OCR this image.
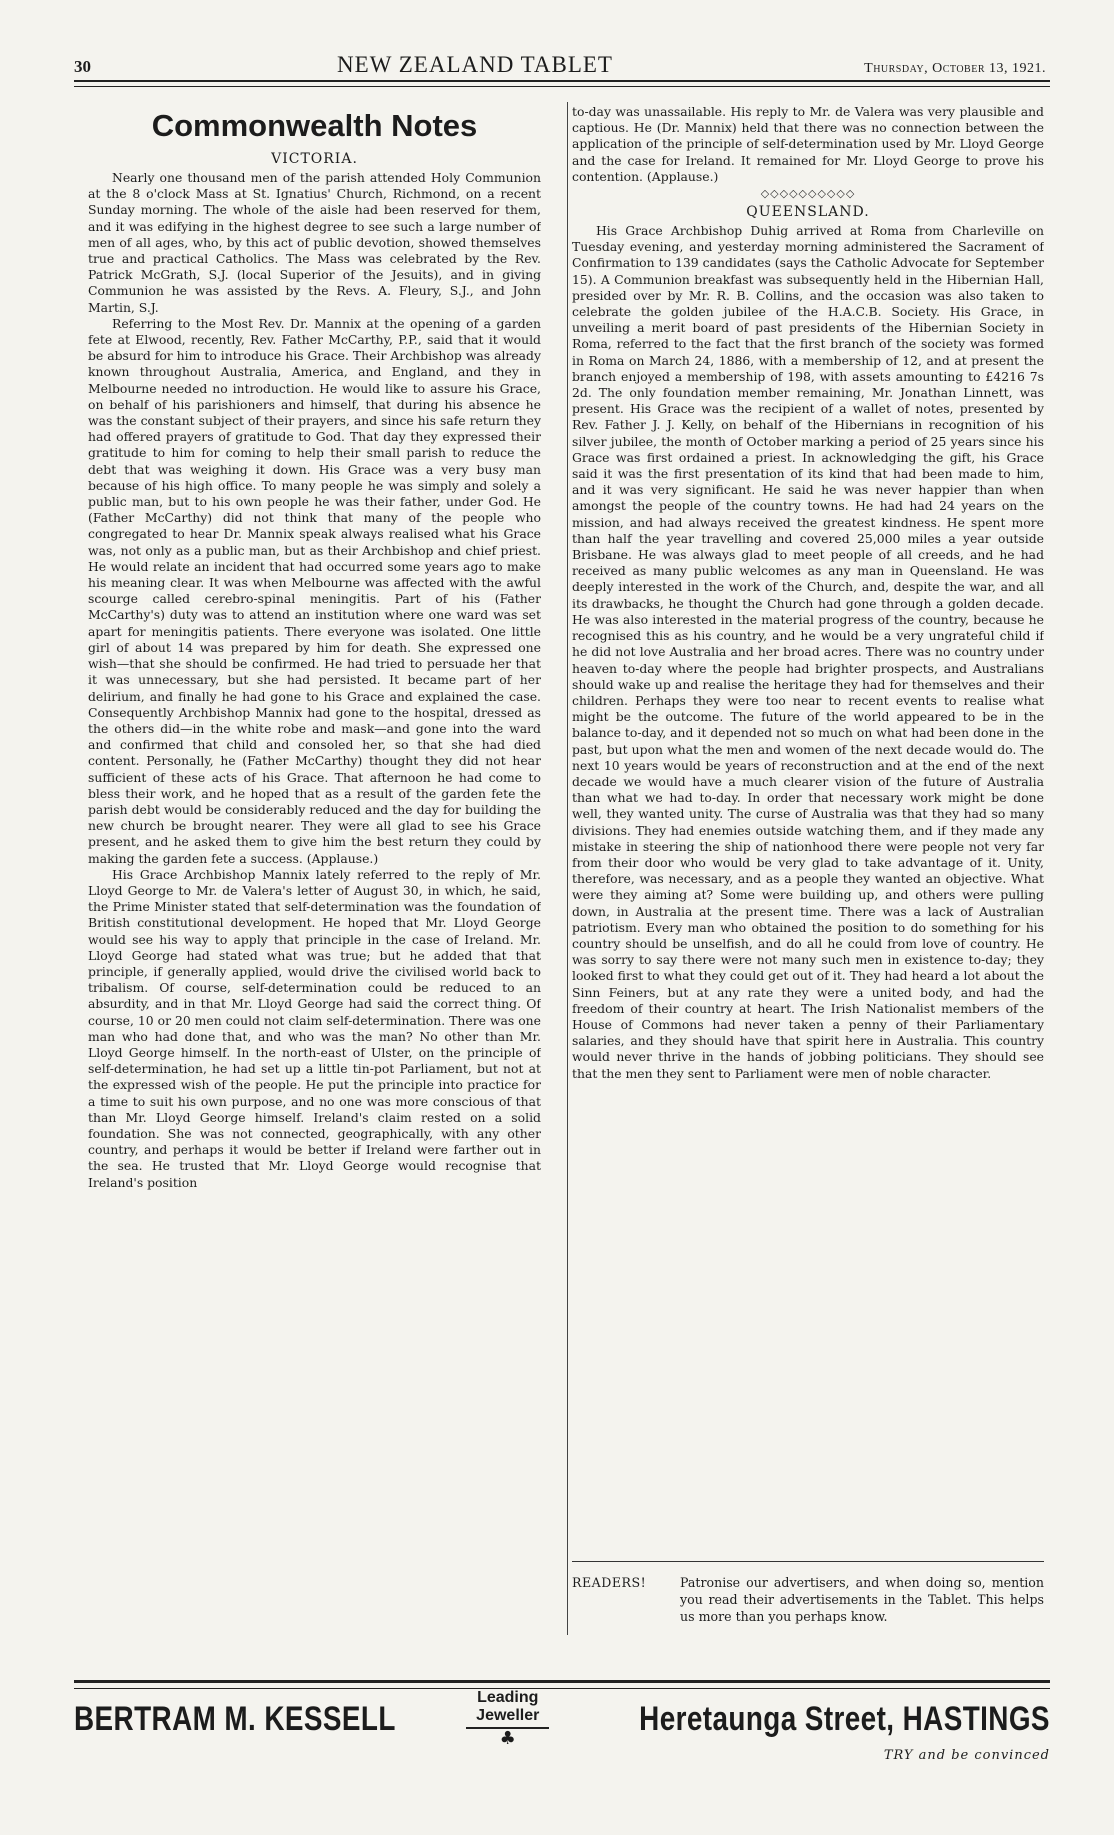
30	NEW ZEALAND TABLET	Thursday, October 13, 1921.
Commonwealth Notes
VICTORIA.

Nearly one thousand men of the parish attended Holy Communion at the 8 o'clock Mass at St. Ignatius' Church, Richmond, on a recent Sunday morning. The whole of the aisle had been reserved for them, and it was edifying in the highest degree to see such a large number of men of all ages, who, by this act of public devotion, showed themselves true and practical Catholics. The Mass was celebrated by the Rev. Patrick McGrath, S.J. (local Superior of the Jesuits), and in giving Communion he was assisted by the Revs. A. Fleury, S.J., and John Martin, S.J.

Referring to the Most Rev. Dr. Mannix at the opening of a garden fete at Elwood, recently, Rev. Father McCarthy, P.P., said that it would be absurd for him to introduce his Grace. Their Archbishop was already known throughout Australia, America, and England, and they in Melbourne needed no introduction. He would like to assure his Grace, on behalf of his parishioners and himself, that during his absence he was the constant subject of their prayers, and since his safe return they had offered prayers of gratitude to God. That day they expressed their gratitude to him for coming to help their small parish to reduce the debt that was weighing it down. His Grace was a very busy man because of his high office. To many people he was simply and solely a public man, but to his own people he was their father, under God. He (Father McCarthy) did not think that many of the people who congregated to hear Dr. Mannix speak always realised what his Grace was, not only as a public man, but as their Archbishop and chief priest. He would relate an incident that had occurred some years ago to make his meaning clear. It was when Melbourne was affected with the awful scourge called cerebro-spinal meningitis. Part of his (Father McCarthy's) duty was to attend an institution where one ward was set apart for meningitis patients. There everyone was isolated. One little girl of about 14 was prepared by him for death. She expressed one wish—that she should be confirmed. He had tried to persuade her that it was unnecessary, but she had persisted. It became part of her delirium, and finally he had gone to his Grace and explained the case. Consequently Archbishop Mannix had gone to the hospital, dressed as the others did—in the white robe and mask—and gone into the ward and confirmed that child and consoled her, so that she had died content. Personally, he (Father McCarthy) thought they did not hear sufficient of these acts of his Grace. That afternoon he had come to bless their work, and he hoped that as a result of the garden fete the parish debt would be considerably reduced and the day for building the new church be brought nearer. They were all glad to see his Grace present, and he asked them to give him the best return they could by making the garden fete a success. (Applause.)

His Grace Archbishop Mannix lately referred to the reply of Mr. Lloyd George to Mr. de Valera's letter of August 30, in which, he said, the Prime Minister stated that self-determination was the foundation of British constitutional development. He hoped that Mr. Lloyd George would see his way to apply that principle in the case of Ireland. Mr. Lloyd George had stated what was true; but he added that that principle, if generally applied, would drive the civilised world back to tribalism. Of course, self-determination could be reduced to an absurdity, and in that Mr. Lloyd George had said the correct thing. Of course, 10 or 20 men could not claim self-determination. There was one man who had done that, and who was the man? No other than Mr. Lloyd George himself. In the north-east of Ulster, on the principle of self-determination, he had set up a little tin-pot Parliament, but not at the expressed wish of the people. He put the principle into practice for a time to suit his own purpose, and no one was more conscious of that than Mr. Lloyd George himself. Ireland's claim rested on a solid foundation. She was not connected, geographically, with any other country, and perhaps it would be better if Ireland were farther out in the sea. He trusted that Mr. Lloyd George would recognise that Ireland's position

to-day was unassailable. His reply to Mr. de Valera was very plausible and captious. He (Dr. Mannix) held that there was no connection between the application of the principle of self-determination used by Mr. Lloyd George and the case for Ireland. It remained for Mr. Lloyd George to prove his contention. (Applause.)

◇◇◇◇◇◇◇◇◇◇
QUEENSLAND.

His Grace Archbishop Duhig arrived at Roma from Charleville on Tuesday evening, and yesterday morning administered the Sacrament of Confirmation to 139 candidates (says the Catholic Advocate for September 15). A Communion breakfast was subsequently held in the Hibernian Hall, presided over by Mr. R. B. Collins, and the occasion was also taken to celebrate the golden jubilee of the H.A.C.B. Society. His Grace, in unveiling a merit board of past presidents of the Hibernian Society in Roma, referred to the fact that the first branch of the society was formed in Roma on March 24, 1886, with a membership of 12, and at present the branch enjoyed a membership of 198, with assets amounting to £4216 7s 2d. The only foundation member remaining, Mr. Jonathan Linnett, was present. His Grace was the recipient of a wallet of notes, presented by Rev. Father J. J. Kelly, on behalf of the Hibernians in recognition of his silver jubilee, the month of October marking a period of 25 years since his Grace was first ordained a priest. In acknowledging the gift, his Grace said it was the first presentation of its kind that had been made to him, and it was very significant. He said he was never happier than when amongst the people of the country towns. He had had 24 years on the mission, and had always received the greatest kindness. He spent more than half the year travelling and covered 25,000 miles a year outside Brisbane. He was always glad to meet people of all creeds, and he had received as many public welcomes as any man in Queensland. He was deeply interested in the work of the Church, and, despite the war, and all its drawbacks, he thought the Church had gone through a golden decade. He was also interested in the material progress of the country, because he recognised this as his country, and he would be a very ungrateful child if he did not love Australia and her broad acres. There was no country under heaven to-day where the people had brighter prospects, and Australians should wake up and realise the heritage they had for themselves and their children. Perhaps they were too near to recent events to realise what might be the outcome. The future of the world appeared to be in the balance to-day, and it depended not so much on what had been done in the past, but upon what the men and women of the next decade would do. The next 10 years would be years of reconstruction and at the end of the next decade we would have a much clearer vision of the future of Australia than what we had to-day. In order that necessary work might be done well, they wanted unity. The curse of Australia was that they had so many divisions. They had enemies outside watching them, and if they made any mistake in steering the ship of nationhood there were people not very far from their door who would be very glad to take advantage of it. Unity, therefore, was necessary, and as a people they wanted an objective. What were they aiming at? Some were building up, and others were pulling down, in Australia at the present time. There was a lack of Australian patriotism. Every man who obtained the position to do something for his country should be unselfish, and do all he could from love of country. He was sorry to say there were not many such men in existence to-day; they looked first to what they could get out of it. They had heard a lot about the Sinn Feiners, but at any rate they were a united body, and had the freedom of their country at heart. The Irish Nationalist members of the House of Commons had never taken a penny of their Parliamentary salaries, and they should have that spirit here in Australia. This country would never thrive in the hands of jobbing politicians. They should see that the men they sent to Parliament were men of noble character.

READERS!	Patronise our advertisers, and when doing so, mention you read their advertisements in the Tablet. This helps us more than you perhaps know.
BERTRAM M. KESSELL
Leading Jeweller
♣
Heretaunga Street, HASTINGS
TRY and be convinced
